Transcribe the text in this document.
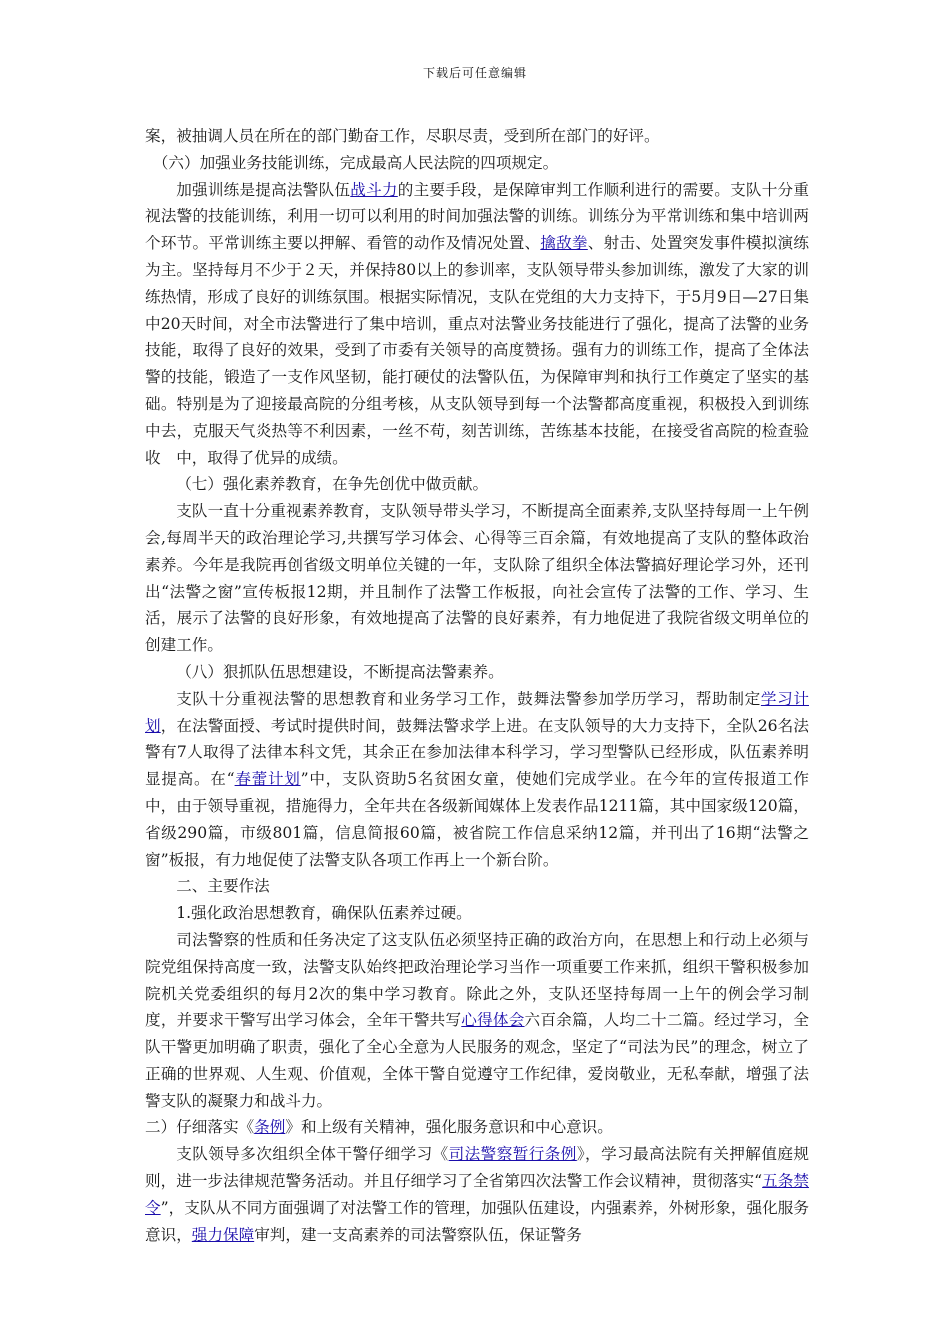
下载后可任意编辑

案，被抽调人员在所在的部门勤奋工作，尽职尽责，受到所在部门的好评。

（六）加强业务技能训练，完成最高人民法院的四项规定。

加强训练是提高法警队伍战斗力的主要手段，是保障审判工作顺利进行的需要。支队十分重视法警的技能训练，利用一切可以利用的时间加强法警的训练。训练分为平常训练和集中培训两个环节。平常训练主要以押解、看管的动作及情况处置、擒敌拳、射击、处置突发事件模拟演练为主。坚持每月不少于２天，并保持80以上的参训率，支队领导带头参加训练，激发了大家的训练热情，形成了良好的训练氛围。根据实际情况，支队在党组的大力支持下，于5月9日—27日集中20天时间，对全市法警进行了集中培训，重点对法警业务技能进行了强化，提高了法警的业务技能，取得了良好的效果，受到了市委有关领导的高度赞扬。强有力的训练工作，提高了全体法警的技能，锻造了一支作风坚韧，能打硬仗的法警队伍，为保障审判和执行工作奠定了坚实的基础。特别是为了迎接最高院的分组考核，从支队领导到每一个法警都高度重视，积极投入到训练中去，克服天气炎热等不利因素，一丝不苟，刻苦训练，苦练基本技能，在接受省高院的检查验收　中，取得了优异的成绩。

（七）强化素养教育，在争先创优中做贡献。

支队一直十分重视素养教育，支队领导带头学习，不断提高全面素养,支队坚持每周一上午例会,每周半天的政治理论学习,共撰写学习体会、心得等三百余篇，有效地提高了支队的整体政治素养。今年是我院再创省级文明单位关键的一年，支队除了组织全体法警搞好理论学习外，还刊出“法警之窗”宣传板报12期，并且制作了法警工作板报，向社会宣传了法警的工作、学习、生活，展示了法警的良好形象，有效地提高了法警的良好素养，有力地促进了我院省级文明单位的创建工作。

（八）狠抓队伍思想建设，不断提高法警素养。

支队十分重视法警的思想教育和业务学习工作，鼓舞法警参加学历学习，帮助制定学习计划，在法警面授、考试时提供时间，鼓舞法警求学上进。在支队领导的大力支持下，全队26名法警有7人取得了法律本科文凭，其余正在参加法律本科学习，学习型警队已经形成，队伍素养明显提高。在“春蕾计划”中，支队资助5名贫困女童，使她们完成学业。在今年的宣传报道工作中，由于领导重视，措施得力，全年共在各级新闻媒体上发表作品1211篇，其中国家级120篇，省级290篇，市级801篇，信息简报60篇，被省院工作信息采纳12篇，并刊出了16期“法警之窗”板报，有力地促使了法警支队各项工作再上一个新台阶。

二、主要作法

1.强化政治思想教育，确保队伍素养过硬。

司法警察的性质和任务决定了这支队伍必须坚持正确的政治方向，在思想上和行动上必须与院党组保持高度一致，法警支队始终把政治理论学习当作一项重要工作来抓，组织干警积极参加院机关党委组织的每月2次的集中学习教育。除此之外，支队还坚持每周一上午的例会学习制度，并要求干警写出学习体会，全年干警共写心得体会六百余篇，人均二十二篇。经过学习，全队干警更加明确了职责，强化了全心全意为人民服务的观念，坚定了“司法为民”的理念，树立了正确的世界观、人生观、价值观，全体干警自觉遵守工作纪律，爱岗敬业，无私奉献，增强了法警支队的凝聚力和战斗力。

二）仔细落实《条例》和上级有关精神，强化服务意识和中心意识。

支队领导多次组织全体干警仔细学习《司法警察暂行条例》，学习最高法院有关押解值庭规则，进一步法律规范警务活动。并且仔细学习了全省第四次法警工作会议精神，贯彻落实“五条禁令”，支队从不同方面强调了对法警工作的管理，加强队伍建设，内强素养，外树形象，强化服务意识，强力保障审判，建一支高素养的司法警察队伍，保证警务
